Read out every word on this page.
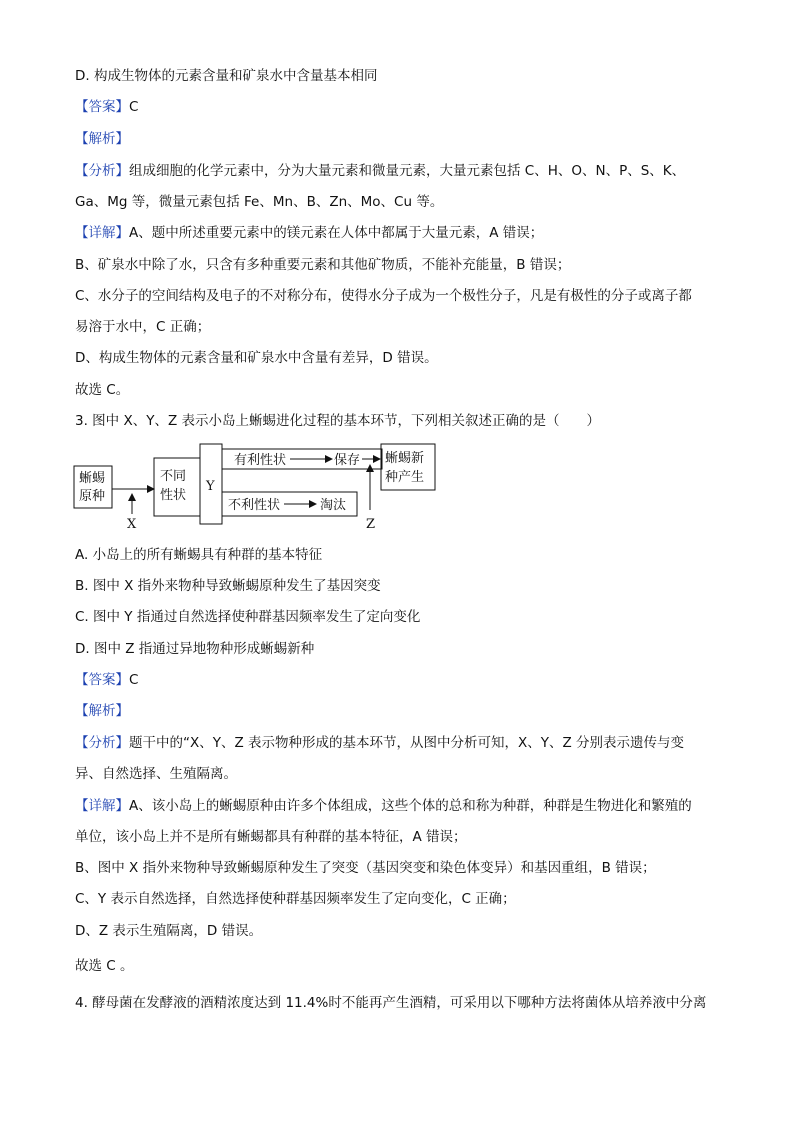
D. 构成生物体的元素含量和矿泉水中含量基本相同
【答案】C
【解析】
【分析】组成细胞的化学元素中，分为大量元素和微量元素，大量元素包括 C、H、O、N、P、S、K、
Ga、Mg 等，微量元素包括 Fe、Mn、B、Zn、Mo、Cu 等。
【详解】A、题中所述重要元素中的镁元素在人体中都属于大量元素，A 错误；
B、矿泉水中除了水，只含有多种重要元素和其他矿物质，不能补充能量，B 错误；
C、水分子的空间结构及电子的不对称分布，使得水分子成为一个极性分子，凡是有极性的分子或离子都
易溶于水中，C 正确；
D、构成生物体的元素含量和矿泉水中含量有差异，D 错误。
故选 C。
3. 图中 X、Y、Z 表示小岛上蜥蜴进化过程的基本环节，下列相关叙述正确的是（　　）
蜥蜴
原种
X
不同
性状
Y
有利性状	保存
不利性状	淘汰
蜥蜴新
种产生
Z
A. 小岛上的所有蜥蜴具有种群的基本特征
B. 图中 X 指外来物种导致蜥蜴原种发生了基因突变
C. 图中 Y 指通过自然选择使种群基因频率发生了定向变化
D. 图中 Z 指通过异地物种形成蜥蜴新种
【答案】C
【解析】
【分析】题干中的“X、Y、Z 表示物种形成的基本环节，从图中分析可知，X、Y、Z 分别表示遗传与变
异、自然选择、生殖隔离。
【详解】A、该小岛上的蜥蜴原种由许多个体组成，这些个体的总和称为种群，种群是生物进化和繁殖的
单位，该小岛上并不是所有蜥蜴都具有种群的基本特征，A 错误；
B、图中 X 指外来物种导致蜥蜴原种发生了突变（基因突变和染色体变异）和基因重组，B 错误；
C、Y 表示自然选择，自然选择使种群基因频率发生了定向变化，C 正确；
D、Z 表示生殖隔离，D 错误。
故选 C 。
4. 酵母菌在发酵液的酒精浓度达到 11.4%时不能再产生酒精，可采用以下哪种方法将菌体从培养液中分离
